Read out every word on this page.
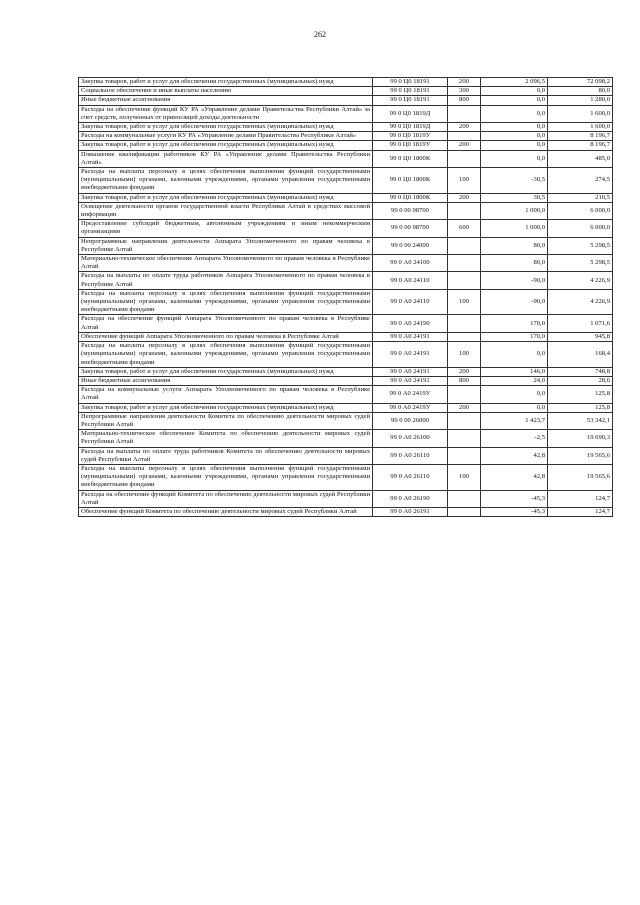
262
Закупка товаров, работ и услуг для обеспечения государственных (муниципальных) нужд	99 0 Ц0 18191	200	2 096,5	72 098,2
Социальное обеспечение и иные выплаты населению	99 0 Ц0 18191	300	0,0	80,0
Иные бюджетные ассигнования	99 0 Ц0 18191	800	0,0	1 280,0
Расходы на обеспечение функций КУ РА «Управление делами Правительства Республики Алтай» за счет средств, полученных от приносящей доходы деятельности	99 0 Ц0 1819Д		0,0	1 600,0
Закупка товаров, работ и услуг для обеспечения государственных (муниципальных) нужд	99 0 Ц0 1819Д	200	0,0	1 600,0
Расходы на коммунальные услуги КУ РА «Управление делами Правительства Республики Алтай»	99 0 Ц0 1819У		0,0	8 196,7
Закупка товаров, работ и услуг для обеспечения государственных (муниципальных) нужд	99 0 Ц0 1819У	200	0,0	8 196,7
Повышение квалификации работников КУ РА «Управление делами Правительства Республики Алтай»	99 0 Ц0 1800К		0,0	485,0
Расходы на выплаты персоналу в целях обеспечения выполнения функций государственными (муниципальными) органами, казенными учреждениями, органами управления государственными внебюджетными фондами	99 0 Ц0 1800К	100	-30,5	274,5
Закупка товаров, работ и услуг для обеспечения государственных (муниципальных) нужд	99 0 Ц0 1800К	200	30,5	210,5
Освещение деятельности органов государственной власти Республики Алтай в средствах массовой информации	99 0 00 98700		1 000,0	6 000,0
Предоставление субсидий бюджетным, автономным учреждениям и иным некоммерческим организациям	99 0 00 98700	600	1 000,0	6 000,0
Непрограммные направления деятельности Аппарата Уполномоченного по правам человека в Республике Алтай	99 0 00 24000		80,0	5 298,5
Материально-техническое обеспечение Аппарата Уполномоченного по правам человека в Республике Алтай	99 0 А0 24100		80,0	5 298,5
Расходы на выплаты по оплате труда работников Аппарата Уполномоченного по правам человека в Республике Алтай	99 0 А0 24110		-90,0	4 226,9
Расходы на выплаты персоналу в целях обеспечения выполнения функций государственными (муниципальными) органами, казенными учреждениями, органами управления государственными внебюджетными фондами	99 0 А0 24110	100	-90,0	4 226,9
Расходы на обеспечение функций Аппарата Уполномоченного по правам человека в Республике Алтай	99 0 А0 24190		170,0	1 071,6
Обеспечение функций Аппарата Уполномоченного по правам человека в Республике Алтай	99 0 А0 24191		170,0	945,8
Расходы на выплаты персоналу в целях обеспечения выполнения функций государственными (муниципальными) органами, казенными учреждениями, органами управления государственными внебюджетными фондами	99 0 А0 24191	100	0,0	168,4
Закупка товаров, работ и услуг для обеспечения государственных (муниципальных) нужд	99 0 А0 24191	200	146,0	748,8
Иные бюджетные ассигнования	99 0 А0 24191	800	24,0	28,6
Расходы на коммунальные услуги Аппарата Уполномоченного по правам человека в Республике Алтай	99 0 А0 2419У		0,0	125,8
Закупка товаров, работ и услуг для обеспечения государственных (муниципальных) нужд	99 0 А0 2419У	200	0,0	125,8
Непрограммные направления деятельности Комитета по обеспечению деятельности мировых судей Республики Алтай	99 0 00 26000		1 423,7	53 342,1
Материально-техническое обеспечение Комитета по обеспечению деятельности мировых судей Республики Алтай	99 0 А0 26100		-2,5	19 690,3
Расходы на выплаты по оплате труда работников Комитета по обеспечению деятельности мировых судей Республики Алтай	99 0 А0 26110		42,8	19 565,6
Расходы на выплаты персоналу в целях обеспечения выполнения функций государственными (муниципальными) органами, казенными учреждениями, органами управления государственными внебюджетными фондами	99 0 А0 26110	100	42,8	19 565,6
Расходы на обеспечение функций Комитета по обеспечению деятельности мировых судей Республики Алтай	99 0 А0 26190		-45,3	124,7
Обеспечение функций Комитета по обеспечению деятельности мировых судей Республики Алтай	99 0 А0 26191		-45,3	124,7
